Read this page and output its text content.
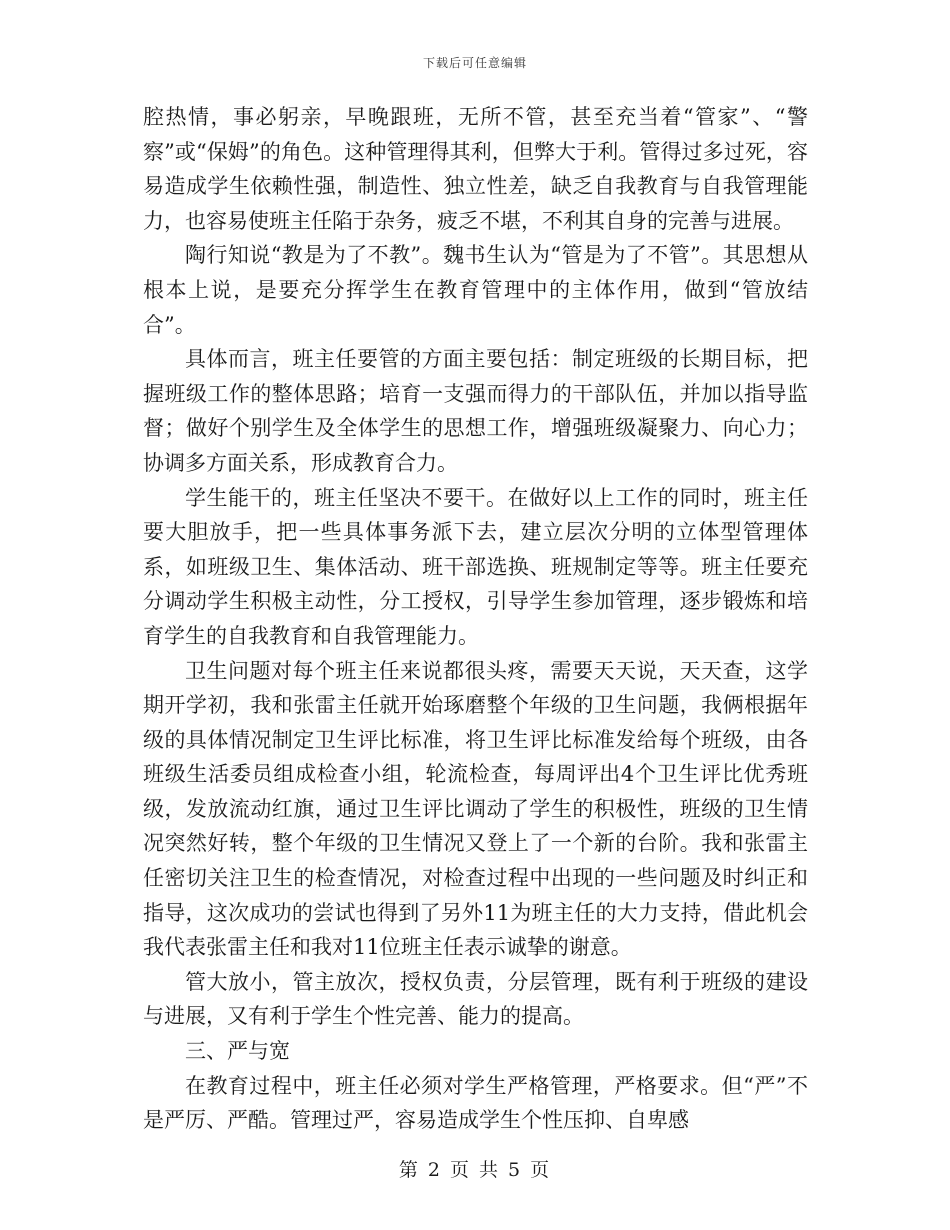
下载后可任意编辑

腔热情，事必躬亲，早晚跟班，无所不管，甚至充当着“管家”、“警察”或“保姆”的角色。这种管理得其利，但弊大于利。管得过多过死，容易造成学生依赖性强，制造性、独立性差，缺乏自我教育与自我管理能力，也容易使班主任陷于杂务，疲乏不堪，不利其自身的完善与进展。

陶行知说“教是为了不教”。魏书生认为“管是为了不管”。其思想从根本上说，是要充分挥学生在教育管理中的主体作用，做到“管放结合”。

具体而言，班主任要管的方面主要包括：制定班级的长期目标，把握班级工作的整体思路；培育一支强而得力的干部队伍，并加以指导监督；做好个别学生及全体学生的思想工作，增强班级凝聚力、向心力；协调多方面关系，形成教育合力。

学生能干的，班主任坚决不要干。在做好以上工作的同时，班主任要大胆放手，把一些具体事务派下去，建立层次分明的立体型管理体系，如班级卫生、集体活动、班干部选换、班规制定等等。班主任要充分调动学生积极主动性，分工授权，引导学生参加管理，逐步锻炼和培育学生的自我教育和自我管理能力。

卫生问题对每个班主任来说都很头疼，需要天天说，天天查，这学期开学初，我和张雷主任就开始琢磨整个年级的卫生问题，我俩根据年级的具体情况制定卫生评比标准，将卫生评比标准发给每个班级，由各班级生活委员组成检查小组，轮流检查，每周评出4个卫生评比优秀班级，发放流动红旗，通过卫生评比调动了学生的积极性，班级的卫生情况突然好转，整个年级的卫生情况又登上了一个新的台阶。我和张雷主任密切关注卫生的检查情况，对检查过程中出现的一些问题及时纠正和指导，这次成功的尝试也得到了另外11为班主任的大力支持，借此机会我代表张雷主任和我对11位班主任表示诚挚的谢意。

管大放小，管主放次，授权负责，分层管理，既有利于班级的建设与进展，又有利于学生个性完善、能力的提高。

三、严与宽

在教育过程中，班主任必须对学生严格管理，严格要求。但“严”不是严厉、严酷。管理过严，容易造成学生个性压抑、自卑感

第 2 页 共 5 页
